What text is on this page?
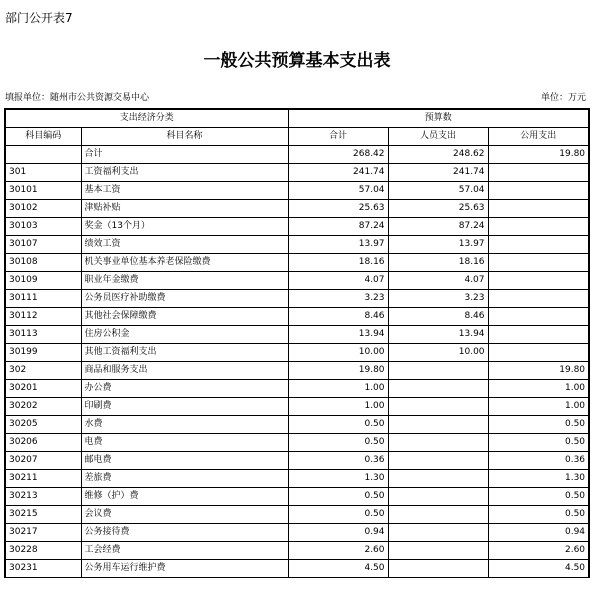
部门公开表7
一般公共预算基本支出表
填报单位：随州市公共资源交易中心	单位：万元
支出经济分类		预算数		
科目编码	科目名称	合计	人员支出	公用支出
	合计	268.42	248.62	19.80
301	工资福利支出	241.74	241.74	
30101	基本工资	57.04	57.04	
30102	津贴补贴	25.63	25.63	
30103	奖金（13个月）	87.24	87.24	
30107	绩效工资	13.97	13.97	
30108	机关事业单位基本养老保险缴费	18.16	18.16	
30109	职业年金缴费	4.07	4.07	
30111	公务员医疗补助缴费	3.23	3.23	
30112	其他社会保障缴费	8.46	8.46	
30113	住房公积金	13.94	13.94	
30199	其他工资福利支出	10.00	10.00	
302	商品和服务支出	19.80		19.80
30201	办公费	1.00		1.00
30202	印刷费	1.00		1.00
30205	水费	0.50		0.50
30206	电费	0.50		0.50
30207	邮电费	0.36		0.36
30211	差旅费	1.30		1.30
30213	维修（护）费	0.50		0.50
30215	会议费	0.50		0.50
30217	公务接待费	0.94		0.94
30228	工会经费	2.60		2.60
30231	公务用车运行维护费	4.50		4.50
